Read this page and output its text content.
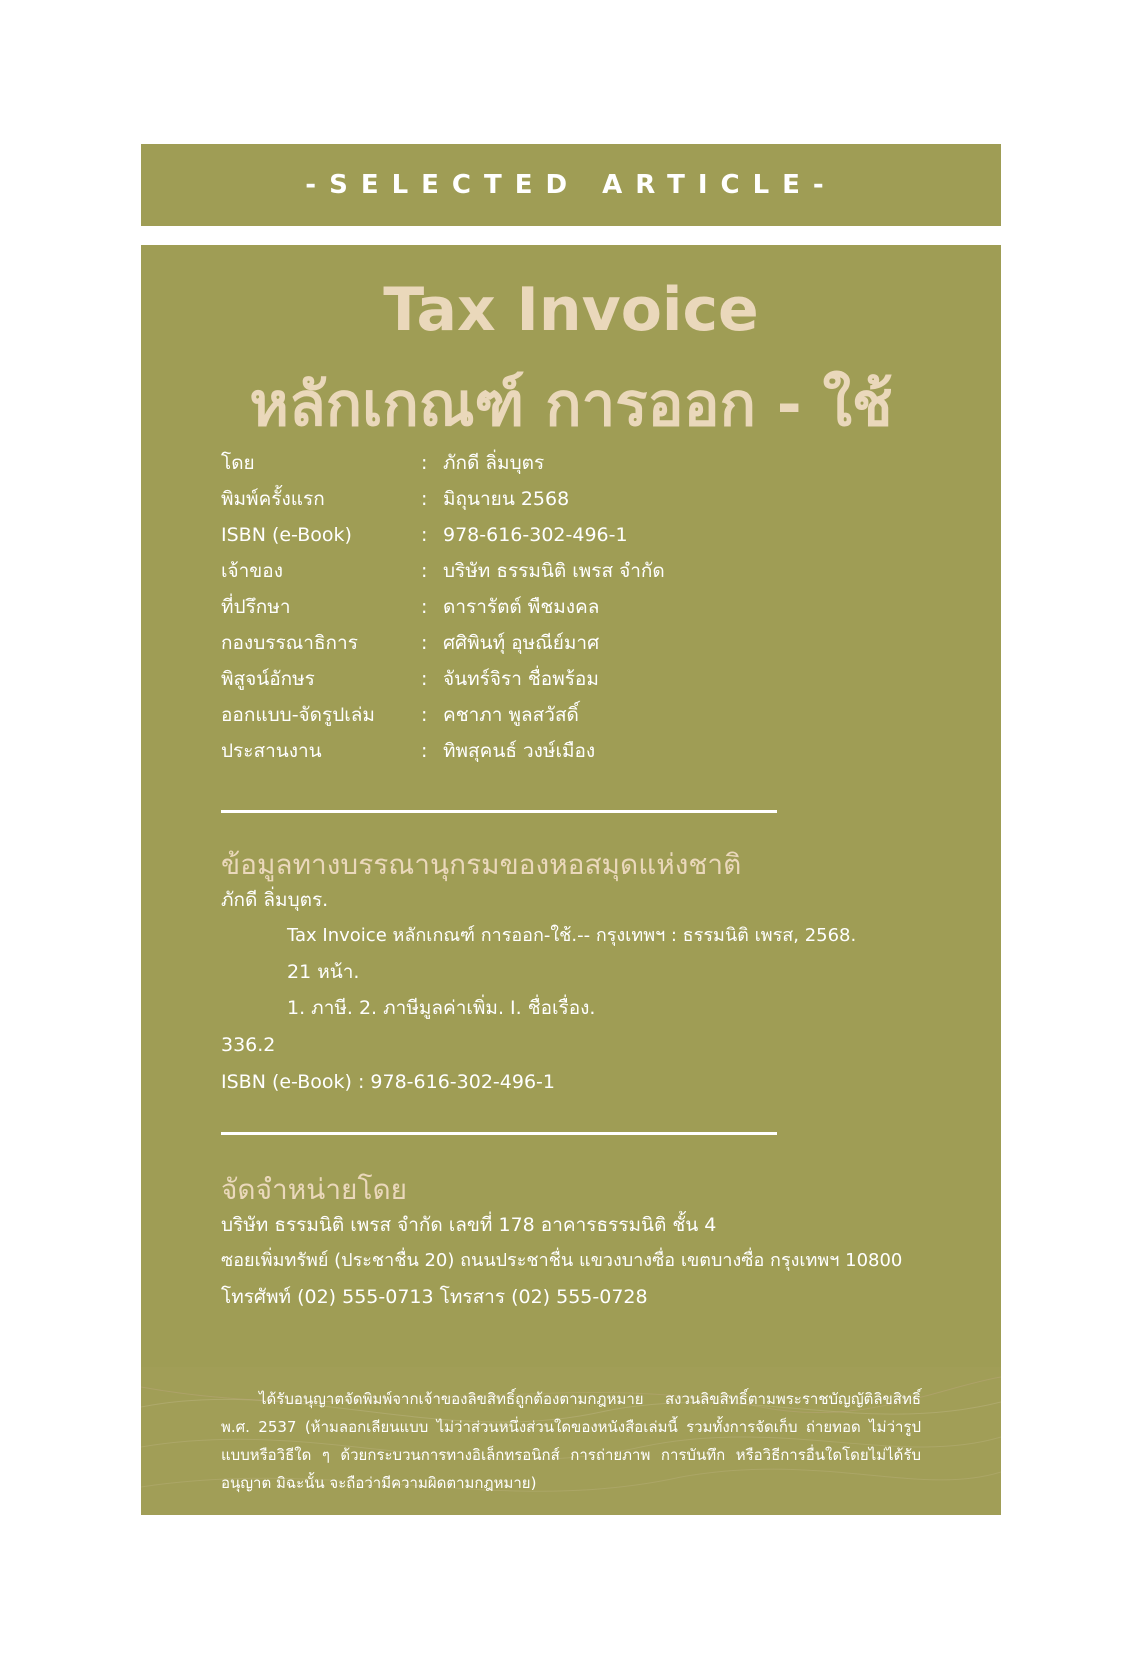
-SELECTED ARTICLE-
Tax Invoice
หลักเกณฑ์ การออก - ใช้
โดย	: ภักดี ลิ่มบุตร
พิมพ์ครั้งแรก	: มิถุนายน 2568
ISBN (e-Book)	: 978-616-302-496-1
เจ้าของ	: บริษัท ธรรมนิติ เพรส จำกัด
ที่ปรึกษา	: ดารารัตต์ พืชมงคล
กองบรรณาธิการ	: ศศิพินทุ์ อุษณีย์มาศ
พิสูจน์อักษร	: จันทร์จิรา ชื่อพร้อม
ออกแบบ-จัดรูปเล่ม	: คชาภา พูลสวัสดิ์
ประสานงาน	: ทิพสุคนธ์ วงษ์เมือง
ข้อมูลทางบรรณานุกรมของหอสมุดแห่งชาติ
ภักดี ลิ่มบุตร.
Tax Invoice หลักเกณฑ์ การออก-ใช้.-- กรุงเทพฯ : ธรรมนิติ เพรส, 2568.
21 หน้า.
1. ภาษี. 2. ภาษีมูลค่าเพิ่ม. I. ชื่อเรื่อง.
336.2
ISBN (e-Book) : 978-616-302-496-1
จัดจำหน่ายโดย
บริษัท ธรรมนิติ เพรส จำกัด เลขที่ 178 อาคารธรรมนิติ ชั้น 4
ซอยเพิ่มทรัพย์ (ประชาชื่น 20) ถนนประชาชื่น แขวงบางซื่อ เขตบางซื่อ กรุงเทพฯ 10800
โทรศัพท์ (02) 555-0713 โทรสาร (02) 555-0728

ได้รับอนุญาตจัดพิมพ์จากเจ้าของลิขสิทธิ์ถูกต้องตามกฎหมาย สงวนลิขสิทธิ์ตามพระราชบัญญัติลิขสิทธิ์ พ.ศ. 2537 (ห้ามลอกเลียนแบบ ไม่ว่าส่วนหนึ่งส่วนใดของหนังสือเล่มนี้ รวมทั้งการจัดเก็บ ถ่ายทอด ไม่ว่ารูปแบบหรือวิธีใด ๆ ด้วยกระบวนการทางอิเล็กทรอนิกส์ การถ่ายภาพ การบันทึก หรือวิธีการอื่นใดโดยไม่ได้รับอนุญาต มิฉะนั้น จะถือว่ามีความผิดตามกฎหมาย)
